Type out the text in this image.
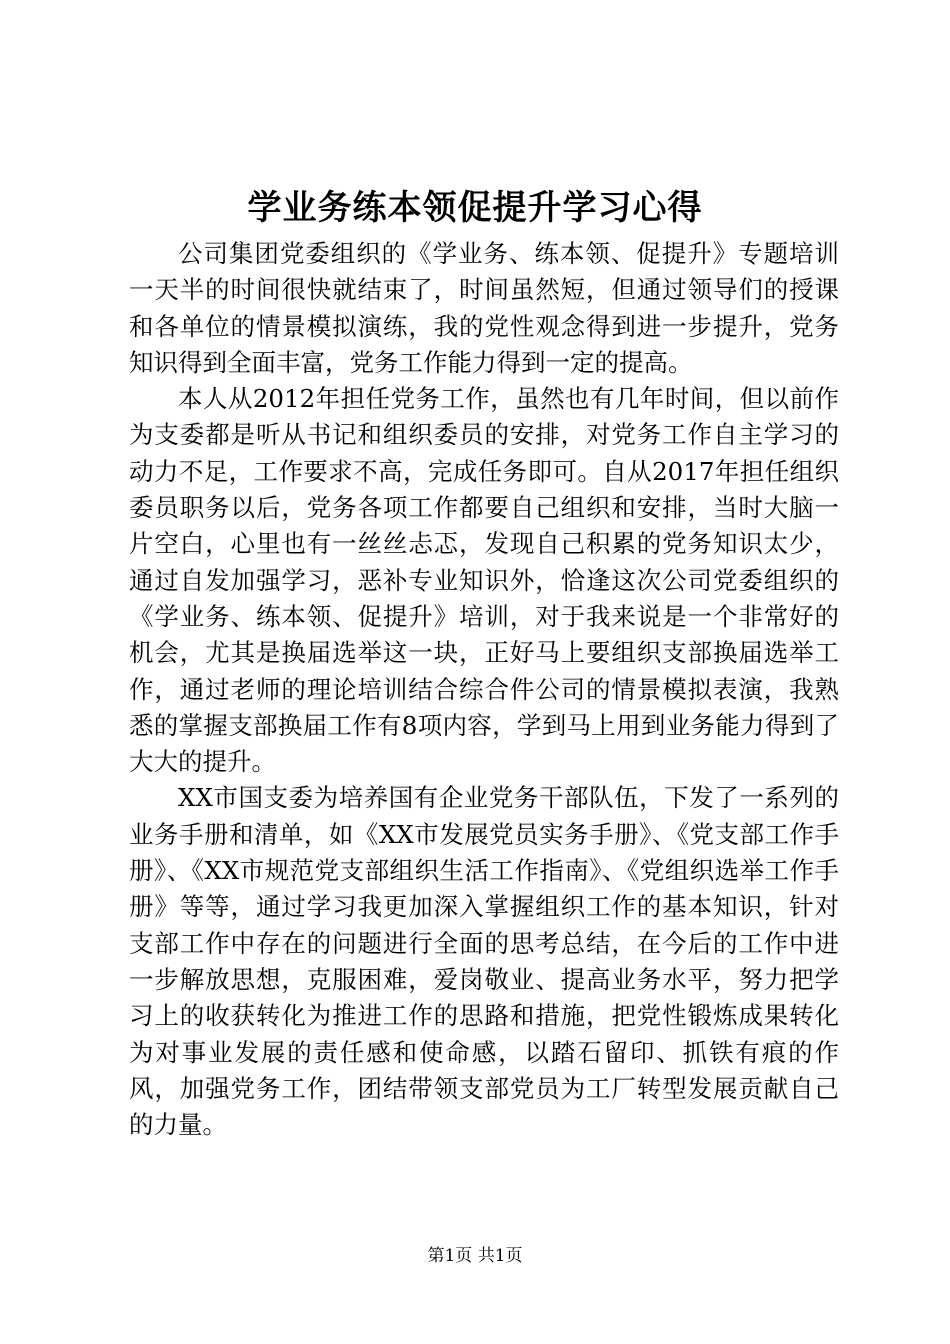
学业务练本领促提升学习心得

公司集团党委组织的《学业务、练本领、促提升》专题培训一天半的时间很快就结束了，时间虽然短，但通过领导们的授课和各单位的情景模拟演练，我的党性观念得到进一步提升，党务知识得到全面丰富，党务工作能力得到一定的提高。

本人从2012年担任党务工作，虽然也有几年时间，但以前作为支委都是听从书记和组织委员的安排，对党务工作自主学习的动力不足，工作要求不高，完成任务即可。自从2017年担任组织委员职务以后，党务各项工作都要自己组织和安排，当时大脑一片空白，心里也有一丝丝忐忑，发现自己积累的党务知识太少，通过自发加强学习，恶补专业知识外，恰逢这次公司党委组织的《学业务、练本领、促提升》培训，对于我来说是一个非常好的机会，尤其是换届选举这一块，正好马上要组织支部换届选举工作，通过老师的理论培训结合综合件公司的情景模拟表演，我熟悉的掌握支部换届工作有8项内容，学到马上用到业务能力得到了大大的提升。

XX市国支委为培养国有企业党务干部队伍，下发了一系列的业务手册和清单，如《XX市发展党员实务手册》、《党支部工作手册》、《XX市规范党支部组织生活工作指南》、《党组织选举工作手册》等等，通过学习我更加深入掌握组织工作的基本知识，针对支部工作中存在的问题进行全面的思考总结，在今后的工作中进一步解放思想，克服困难，爱岗敬业、提高业务水平，努力把学习上的收获转化为推进工作的思路和措施，把党性锻炼成果转化为对事业发展的责任感和使命感，以踏石留印、抓铁有痕的作风，加强党务工作，团结带领支部党员为工厂转型发展贡献自己的力量。

第1页 共1页
